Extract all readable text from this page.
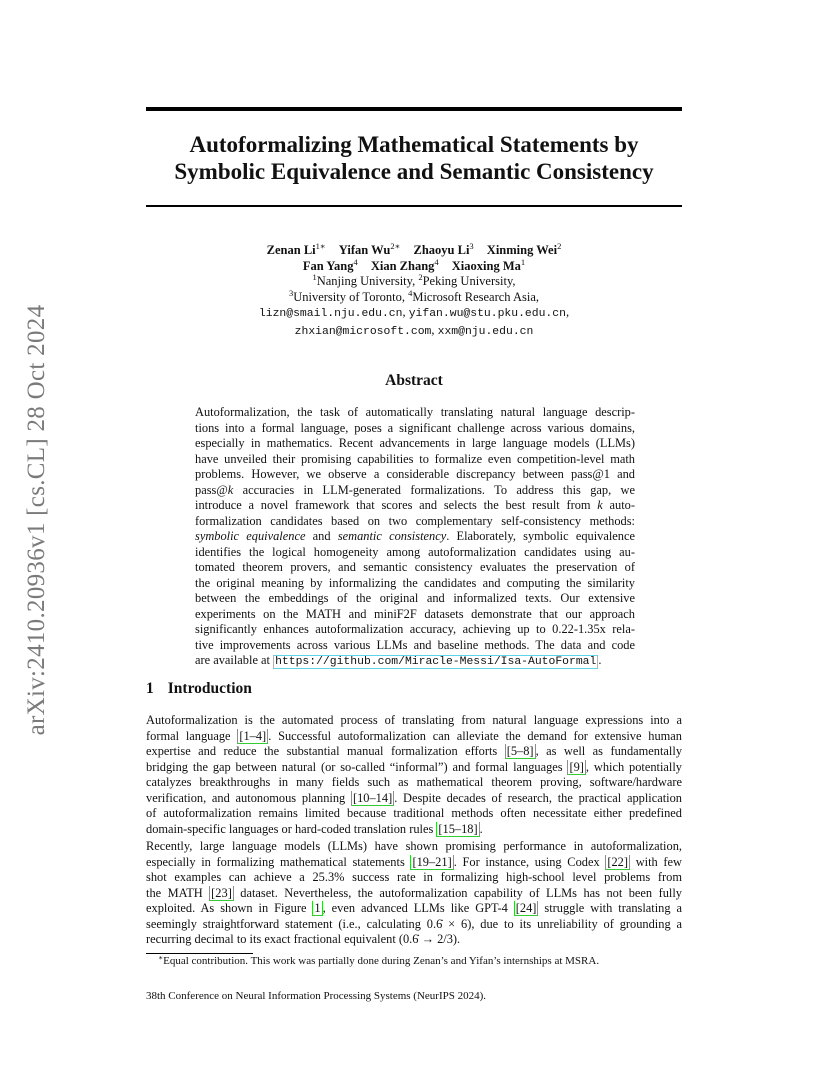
arXiv:2410.20936v1 [cs.CL] 28 Oct 2024
Autoformalizing Mathematical Statements by
Symbolic Equivalence and Semantic Consistency
Zenan $Li^{1∗}$ Yifan $Wu^{2∗}$ Zhaoyu Li$^3$ Xinming Wei$^2$
Fan Yang$^4$ Xian Zhang$^4$ Xiaoxing Ma$^1$
$^1$Nanjing University, $^2$Peking University,
$^3$University of Toronto, $^4$Microsoft Research Asia,
lizn@smail.nju.edu.cn, yifan.wu@stu.pku.edu.cn,
zhxian@microsoft.com, xxm@nju.edu.cn
Abstract
Autoformalization, the task of automatically translating natural language descrip-
tions into a formal language, poses a significant challenge across various domains,
especially in mathematics. Recent advancements in large language models (LLMs)
have unveiled their promising capabilities to formalize even competition-level math
problems. However, we observe a considerable discrepancy between pass@1 and
pass@k accuracies in LLM-generated formalizations. To address this gap, we
introduce a novel framework that scores and selects the best result from k auto-
formalization candidates based on two complementary self-consistency methods:
symbolic equivalence and semantic consistency. Elaborately, symbolic equivalence
identifies the logical homogeneity among autoformalization candidates using au-
tomated theorem provers, and semantic consistency evaluates the preservation of
the original meaning by informalizing the candidates and computing the similarity
between the embeddings of the original and informalized texts. Our extensive
experiments on the MATH and miniF2F datasets demonstrate that our approach
significantly enhances autoformalization accuracy, achieving up to 0.22-1.35x rela-
tive improvements across various LLMs and baseline methods. The data and code
are available at https://github.com/Miracle-Messi/Isa-AutoFormal .
1 Introduction
Autoformalization is the automated process of translating from natural language expressions into a
formal language [1–4] . Successful autoformalization can alleviate the demand for extensive human
expertise and reduce the substantial manual formalization efforts [5–8] , as well as fundamentally
bridging the gap between natural (or so-called “informal”) and formal languages [9] , which potentially
catalyzes breakthroughs in many fields such as mathematical theorem proving, software/hardware
verification, and autonomous planning [10–14] . Despite decades of research, the practical application
of autoformalization remains limited because traditional methods often necessitate either predefined
domain-specific languages or hard-coded translation rules [15–18] .
Recently, large language models (LLMs) have shown promising performance in autoformalization,
especially in formalizing mathematical statements [19–21] . For instance, using Codex [22] with few
shot examples can achieve a 25.3% success rate in formalizing high-school level problems from
the MATH [23] dataset. Nevertheless, the autoformalization capability of LLMs has not been fully
exploited. As shown in Figure 1 , even advanced LLMs like GPT-4 [24] struggle with translating a
seemingly straightforward statement (i.e., calculating 0.6̇ × 6), due to its unreliability of grounding a
recurring decimal to its exact fractional equivalent (0.6̇ → 2/3).
∗Equal contribution. This work was partially done during Zenan’s and Yifan’s internships at MSRA.
38th Conference on Neural Information Processing Systems (NeurIPS 2024).
